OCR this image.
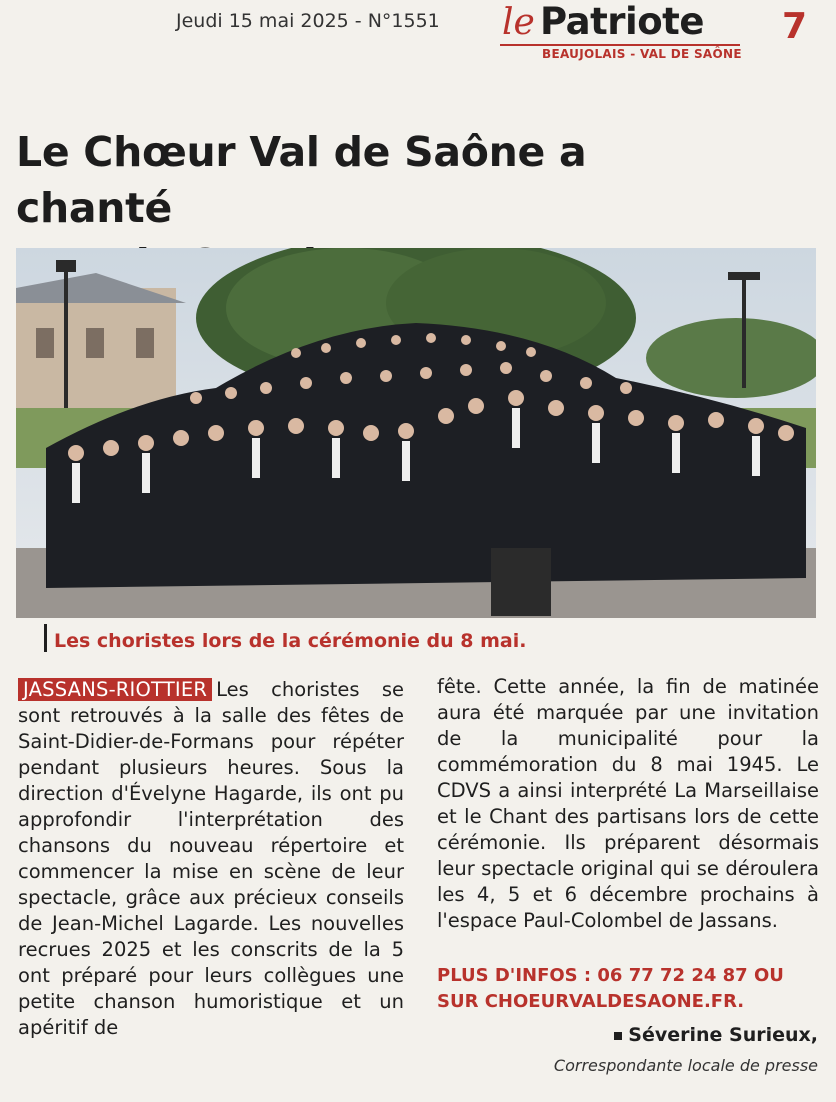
Jeudi 15 mai 2025 - N°1551 le Patriote
BEAUJOLAIS - VAL DE SAÔNE
7
Le Chœur Val de Saône a chanté

Les choristes lors de la cérémonie du 8 mai.
JASSANS-RIOTTIER Les choristes se sont retrouvés à la salle des fêtes de Saint-Didier-de-Formans pour répéter pendant plusieurs heures. Sous la direction d'Évelyne Hagarde, ils ont pu approfondir l'interprétation des chansons du nouveau répertoire et commencer la mise en scène de leur spectacle, grâce aux précieux conseils de Jean-Michel Lagarde. Les nouvelles recrues 2025 et les conscrits de la 5 ont préparé pour leurs collègues une petite chanson humoristique et un apéritif de
fête. Cette année, la fin de matinée aura été marquée par une invitation de la municipalité pour la commémoration du 8 mai 1945. Le CDVS a ainsi interprété La Marseillaise et le Chant des partisans lors de cette cérémonie. Ils préparent désormais leur spectacle original qui se déroulera les 4, 5 et 6 décembre prochains à l'espace Paul-Colombel de Jassans.
PLUS D'INFOS : 06 77 72 24 87 OU
SUR CHOEURVALDESAONE.FR.
Séverine Surieux,
Correspondante locale de presse
